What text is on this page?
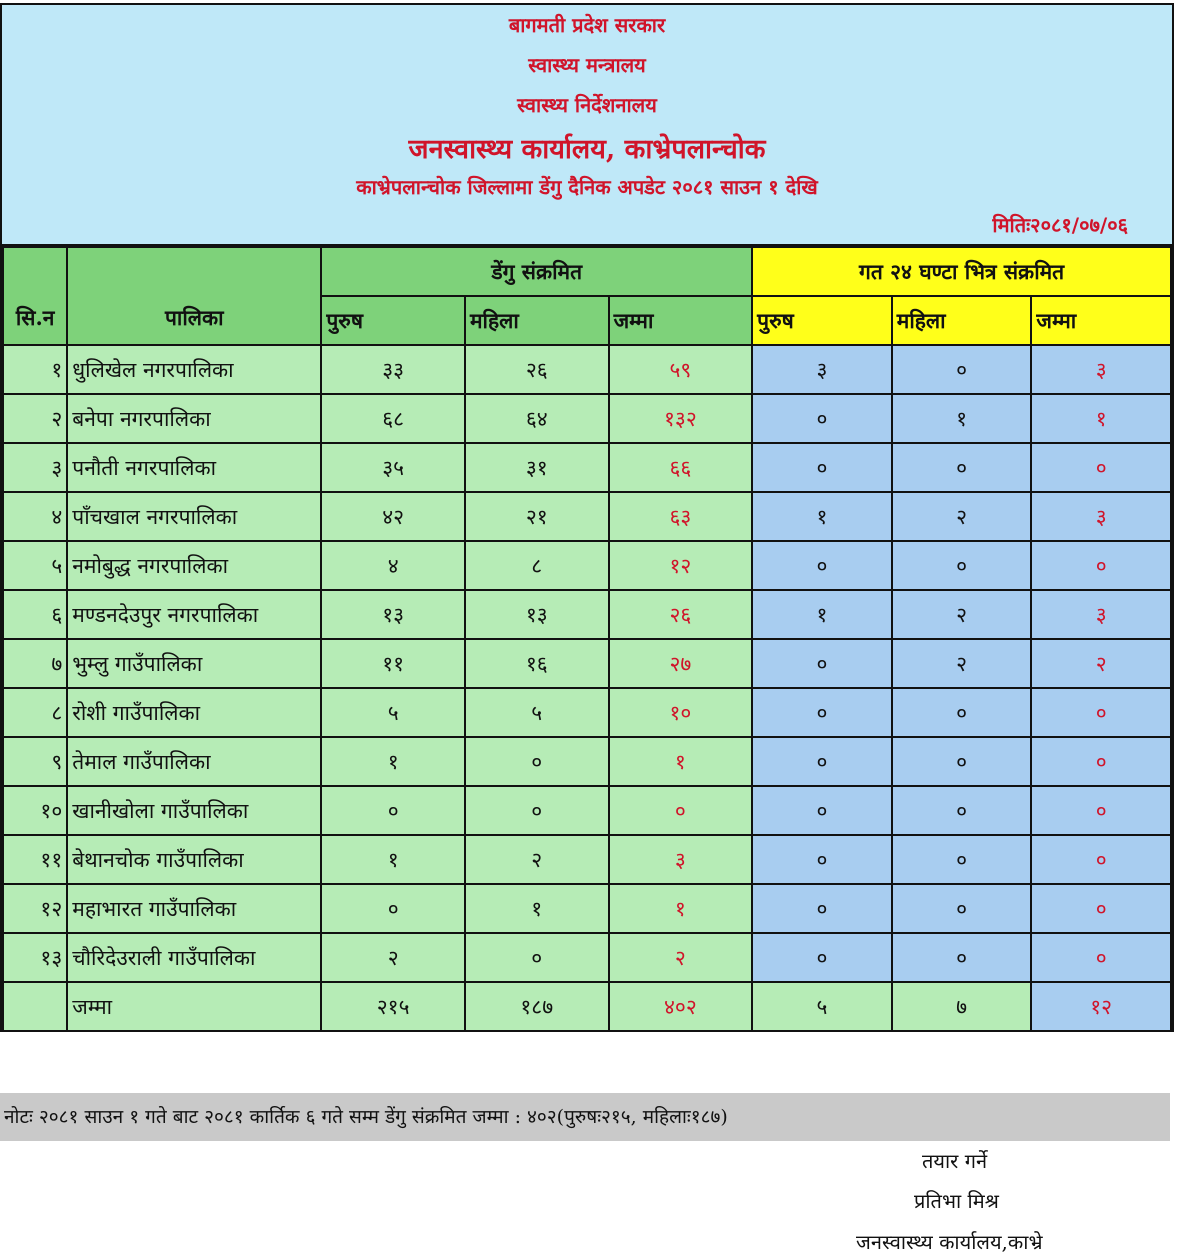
बागमती प्रदेश सरकार
स्वास्थ्य मन्त्रालय
स्वास्थ्य निर्देशनालय
जनस्वास्थ्य कार्यालय, काभ्रेपलान्चोक
काभ्रेपलान्चोक जिल्लामा डेंगु दैनिक अपडेट २०८१ साउन १ देखि
मितिः२०८१/०७/०६
सि.न	पालिका	डेंगु संक्रमित			गत २४ घण्टा भित्र संक्रमित		
		पुरुष	महिला	जम्मा	पुरुष	महिला	जम्मा
१	धुलिखेल नगरपालिका	३३	२६	५९	३	०	३
२	बनेपा नगरपालिका	६८	६४	१३२	०	१	१
३	पनौती नगरपालिका	३५	३१	६६	०	०	०
४	पाँचखाल नगरपालिका	४२	२१	६३	१	२	३
५	नमोबुद्ध नगरपालिका	४	८	१२	०	०	०
६	मण्डनदेउपुर नगरपालिका	१३	१३	२६	१	२	३
७	भुम्लु गाउँपालिका	११	१६	२७	०	२	२
८	रोशी गाउँपालिका	५	५	१०	०	०	०
९	तेमाल गाउँपालिका	१	०	१	०	०	०
१०	खानीखोला गाउँपालिका	०	०	०	०	०	०
११	बेथानचोक गाउँपालिका	१	२	३	०	०	०
१२	महाभारत गाउँपालिका	०	१	१	०	०	०
१३	चौरिदेउराली गाउँपालिका	२	०	२	०	०	०
	जम्मा	२१५	१८७	४०२	५	७	१२
नोटः २०८१ साउन १ गते बाट २०८१ कार्तिक ६ गते सम्म डेंगु संक्रमित जम्मा : ४०२(पुरुषः२१५, महिलाः१८७)
तयार गर्ने
प्रतिभा मिश्र
जनस्वास्थ्य कार्यालय,काभ्रे
